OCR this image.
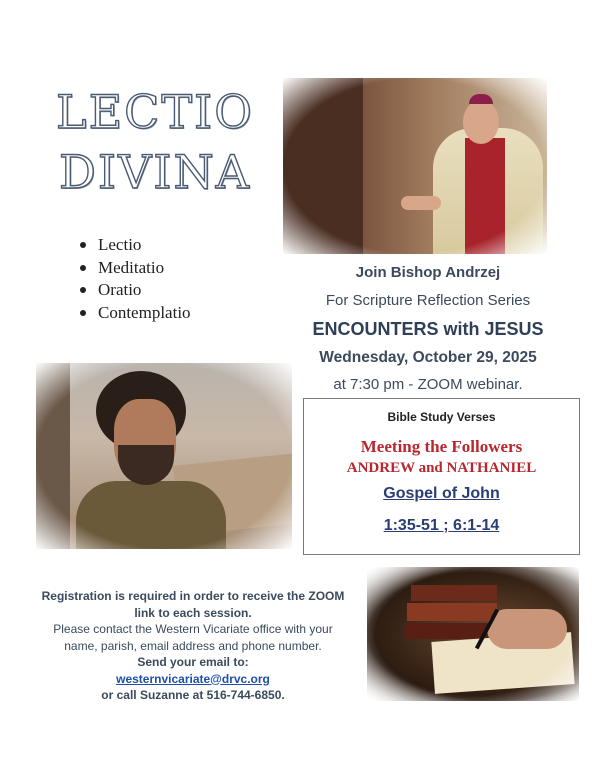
LECTIO
DIVINA
Lectio
Meditatio
Oratio
Contemplatio
Join Bishop Andrzej
For Scripture Reflection Series
ENCOUNTERS with JESUS
Wednesday, October 29, 2025
at 7:30 pm - ZOOM webinar.
Bible Study Verses
Meeting the Followers
ANDREW and NATHANIEL
Gospel of John
1:35-51 ; 6:1-14
Registration is required in order to receive the ZOOM link to each session.
Please contact the Western Vicariate office with your name, parish, email address and phone number.
Send your email to:
westernvicariate@drvc.org
or call Suzanne at 516-744-6850.
